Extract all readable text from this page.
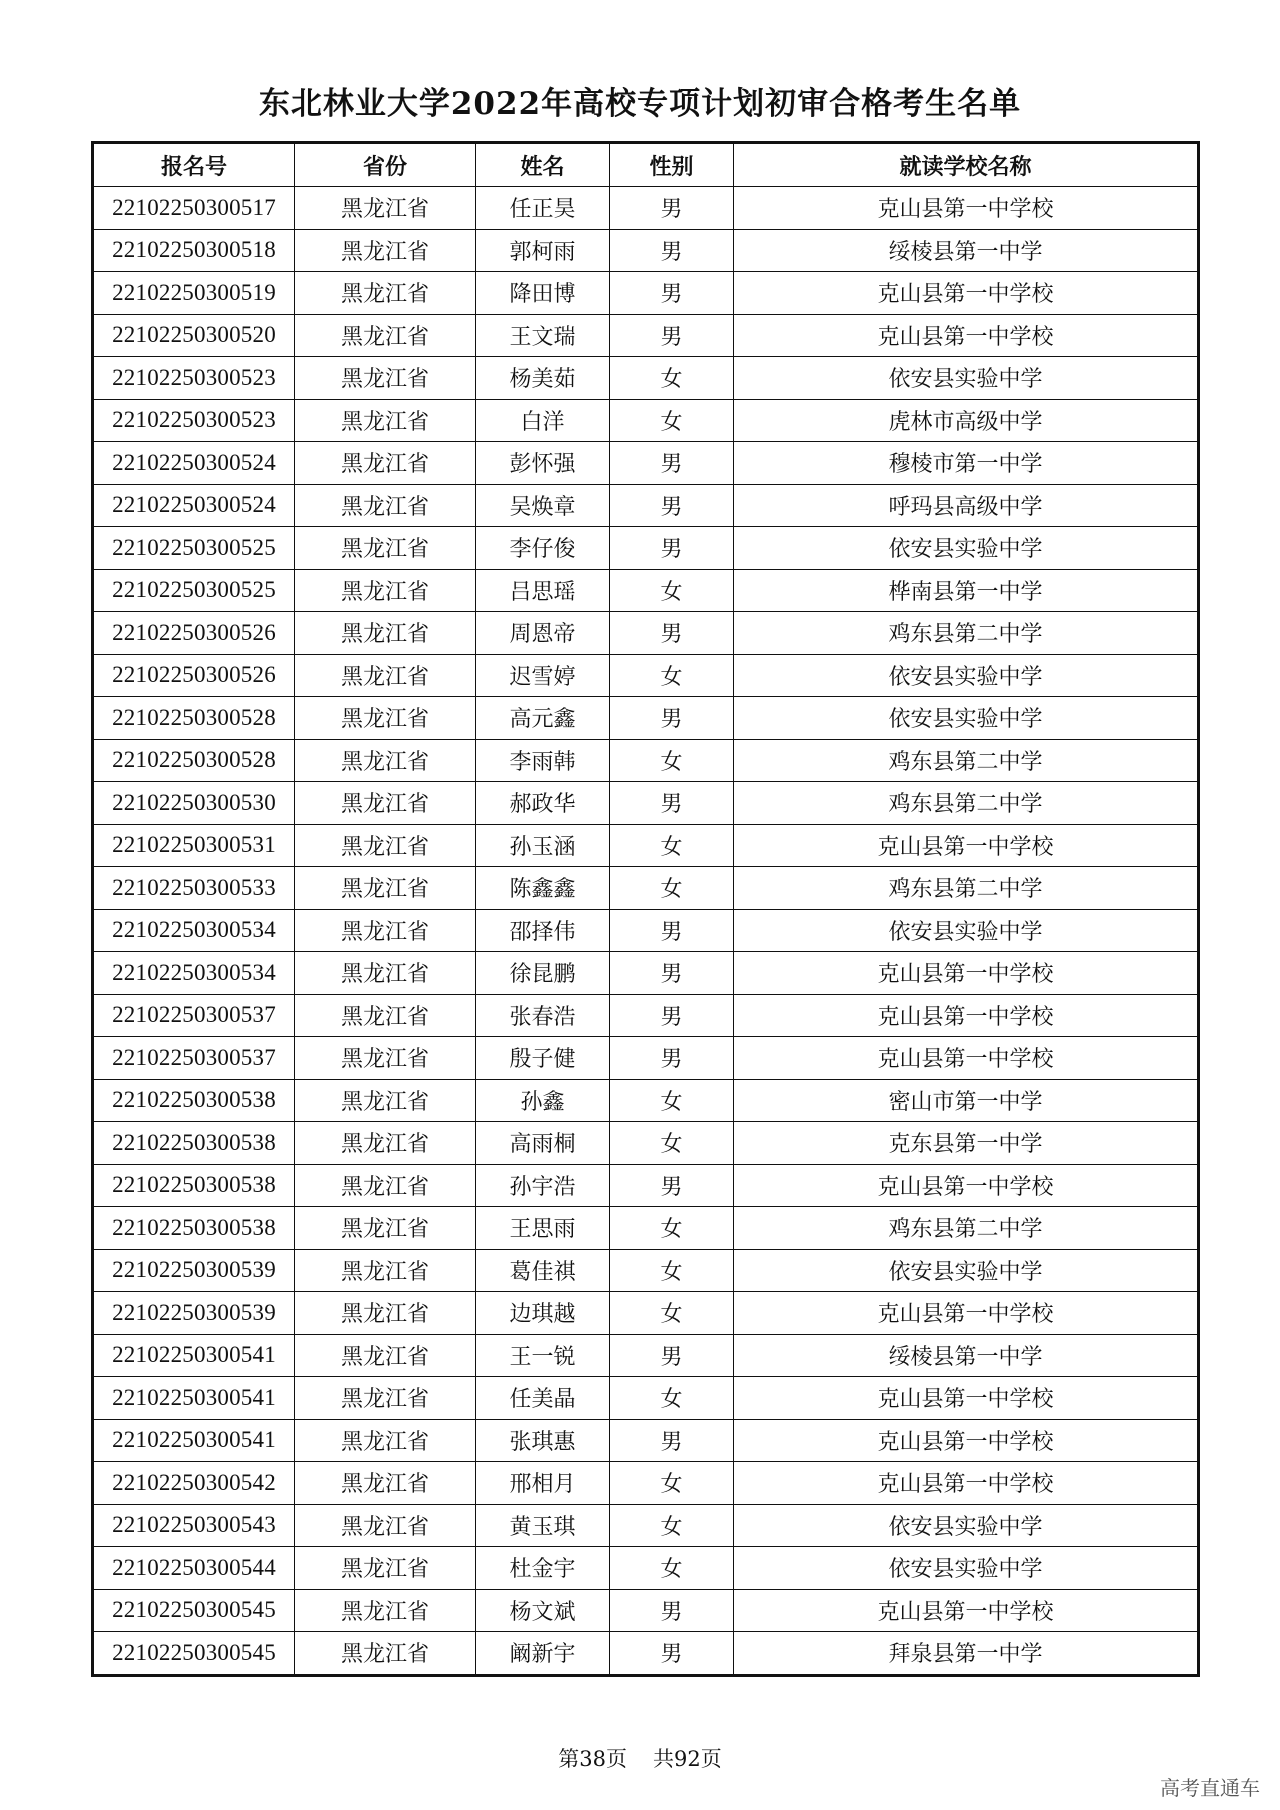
东北林业大学2022年高校专项计划初审合格考生名单
报名号	省份	姓名	性别	就读学校名称
22102250300517	黑龙江省	任正昊	男	克山县第一中学校
22102250300518	黑龙江省	郭柯雨	男	绥棱县第一中学
22102250300519	黑龙江省	降田博	男	克山县第一中学校
22102250300520	黑龙江省	王文瑞	男	克山县第一中学校
22102250300523	黑龙江省	杨美茹	女	依安县实验中学
22102250300523	黑龙江省	白洋	女	虎林市高级中学
22102250300524	黑龙江省	彭怀强	男	穆棱市第一中学
22102250300524	黑龙江省	吴焕章	男	呼玛县高级中学
22102250300525	黑龙江省	李仔俊	男	依安县实验中学
22102250300525	黑龙江省	吕思瑶	女	桦南县第一中学
22102250300526	黑龙江省	周恩帝	男	鸡东县第二中学
22102250300526	黑龙江省	迟雪婷	女	依安县实验中学
22102250300528	黑龙江省	高元鑫	男	依安县实验中学
22102250300528	黑龙江省	李雨韩	女	鸡东县第二中学
22102250300530	黑龙江省	郝政华	男	鸡东县第二中学
22102250300531	黑龙江省	孙玉涵	女	克山县第一中学校
22102250300533	黑龙江省	陈鑫鑫	女	鸡东县第二中学
22102250300534	黑龙江省	邵择伟	男	依安县实验中学
22102250300534	黑龙江省	徐昆鹏	男	克山县第一中学校
22102250300537	黑龙江省	张春浩	男	克山县第一中学校
22102250300537	黑龙江省	殷子健	男	克山县第一中学校
22102250300538	黑龙江省	孙鑫	女	密山市第一中学
22102250300538	黑龙江省	高雨桐	女	克东县第一中学
22102250300538	黑龙江省	孙宇浩	男	克山县第一中学校
22102250300538	黑龙江省	王思雨	女	鸡东县第二中学
22102250300539	黑龙江省	葛佳祺	女	依安县实验中学
22102250300539	黑龙江省	边琪越	女	克山县第一中学校
22102250300541	黑龙江省	王一锐	男	绥棱县第一中学
22102250300541	黑龙江省	任美晶	女	克山县第一中学校
22102250300541	黑龙江省	张琪惠	男	克山县第一中学校
22102250300542	黑龙江省	邢相月	女	克山县第一中学校
22102250300543	黑龙江省	黄玉琪	女	依安县实验中学
22102250300544	黑龙江省	杜金宇	女	依安县实验中学
22102250300545	黑龙江省	杨文斌	男	克山县第一中学校
22102250300545	黑龙江省	阚新宇	男	拜泉县第一中学
第38页 共92页
高考直通车
